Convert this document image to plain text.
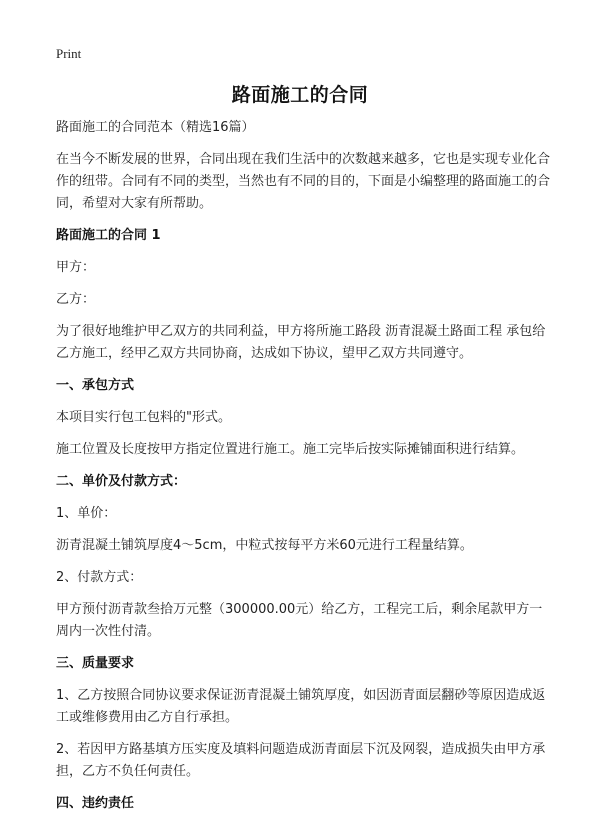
Print
路面施工的合同

路面施工的合同范本（精选16篇）

在当今不断发展的世界，合同出现在我们生活中的次数越来越多，它也是实现专业化合作的纽带。合同有不同的类型，当然也有不同的目的，下面是小编整理的路面施工的合同，希望对大家有所帮助。

路面施工的合同 1

甲方：

乙方：

为了很好地维护甲乙双方的共同利益，甲方将所施工路段 沥青混凝土路面工程 承包给乙方施工，经甲乙双方共同协商，达成如下协议，望甲乙双方共同遵守。

一、承包方式

本项目实行包工包料的"形式。

施工位置及长度按甲方指定位置进行施工。施工完毕后按实际摊铺面积进行结算。

二、单价及付款方式：

1、单价：

沥青混凝土铺筑厚度4～5cm，中粒式按每平方米60元进行工程量结算。

2、付款方式：

甲方预付沥青款叁拾万元整（300000.00元）给乙方，工程完工后，剩余尾款甲方一周内一次性付清。

三、质量要求

1、乙方按照合同协议要求保证沥青混凝土铺筑厚度，如因沥青面层翻砂等原因造成返工或维修费用由乙方自行承担。

2、若因甲方路基填方压实度及填料问题造成沥青面层下沉及网裂，造成损失由甲方承担，乙方不负任何责任。

四、违约责任
